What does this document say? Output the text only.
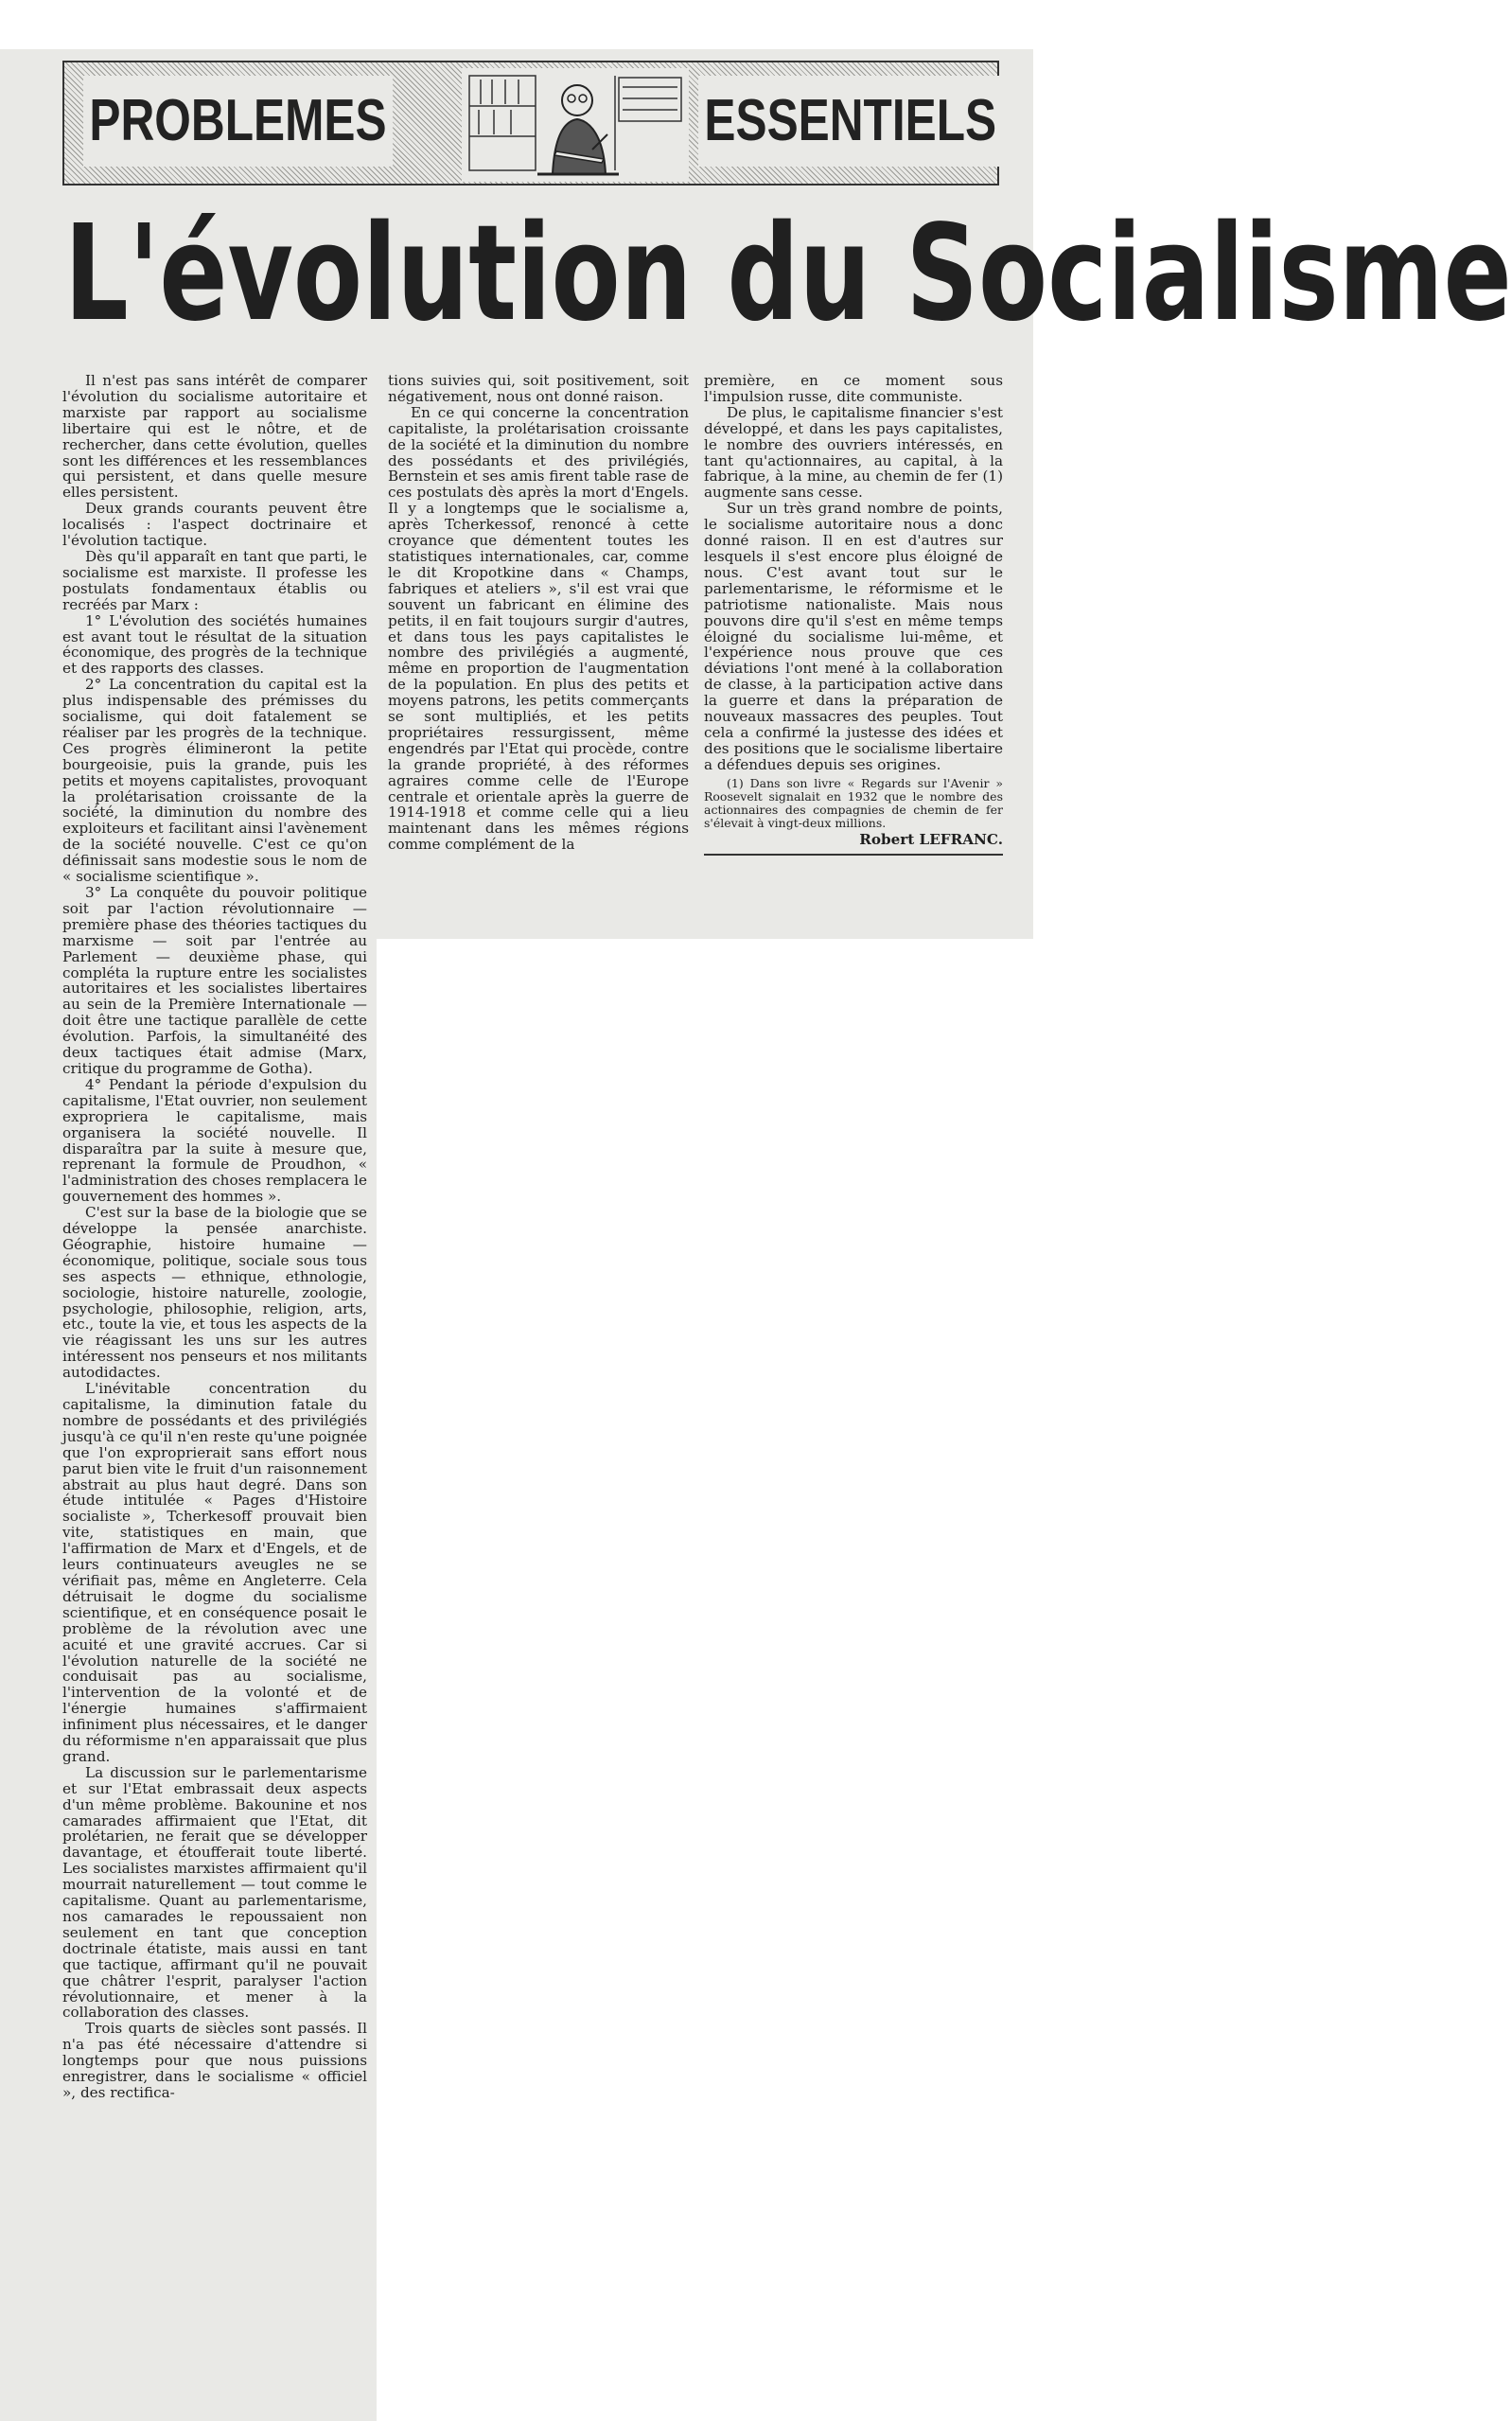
PROBLEMES	ESSENTIELS
L'évolution du Socialisme

Il n'est pas sans intérêt de comparer l'évolution du socialisme autoritaire et marxiste par rapport au socialisme libertaire qui est le nôtre, et de rechercher, dans cette évolution, quelles sont les différences et les ressemblances qui persistent, et dans quelle mesure elles persistent.

Deux grands courants peuvent être localisés : l'aspect doctrinaire et l'évolution tactique.

Dès qu'il apparaît en tant que parti, le socialisme est marxiste. Il professe les postulats fondamentaux établis ou recréés par Marx :

1° L'évolution des sociétés humaines est avant tout le résultat de la situation économique, des progrès de la technique et des rapports des classes.

2° La concentration du capital est la plus indispensable des prémisses du socialisme, qui doit fatalement se réaliser par les progrès de la technique. Ces progrès élimineront la petite bourgeoisie, puis la grande, puis les petits et moyens capitalistes, provoquant la prolétarisation croissante de la société, la diminution du nombre des exploiteurs et facilitant ainsi l'avènement de la société nouvelle. C'est ce qu'on définissait sans modestie sous le nom de « socialisme scientifique ».

3° La conquête du pouvoir politique soit par l'action révolutionnaire — première phase des théories tactiques du marxisme — soit par l'entrée au Parlement — deuxième phase, qui compléta la rupture entre les socialistes autoritaires et les socialistes libertaires au sein de la Première Internationale — doit être une tactique parallèle de cette évolution. Parfois, la simultanéité des deux tactiques était admise (Marx, critique du programme de Gotha).

4° Pendant la période d'expulsion du capitalisme, l'Etat ouvrier, non seulement expropriera le capitalisme, mais organisera la société nouvelle. Il disparaîtra par la suite à mesure que, reprenant la formule de Proudhon, « l'administration des choses remplacera le gouvernement des hommes ».

C'est sur la base de la biologie que se développe la pensée anarchiste. Géographie, histoire humaine — économique, politique, sociale sous tous ses aspects — ethnique, ethnologie, sociologie, histoire naturelle, zoologie, psychologie, philosophie, religion, arts, etc., toute la vie, et tous les aspects de la vie réagissant les uns sur les autres intéressent nos penseurs et nos militants autodidactes.

L'inévitable concentration du capitalisme, la diminution fatale du nombre de possédants et des privilégiés jusqu'à ce qu'il n'en reste qu'une poignée que l'on exproprierait sans effort nous parut bien vite le fruit d'un raisonnement abstrait au plus haut degré. Dans son étude intitulée « Pages d'Histoire socialiste », Tcherkesoff prouvait bien vite, statistiques en main, que l'affirmation de Marx et d'Engels, et de leurs continuateurs aveugles ne se vérifiait pas, même en Angleterre. Cela détruisait le dogme du socialisme scientifique, et en conséquence posait le problème de la révolution avec une acuité et une gravité accrues. Car si l'évolution naturelle de la société ne conduisait pas au socialisme, l'intervention de la volonté et de l'énergie humaines s'affirmaient infiniment plus nécessaires, et le danger du réformisme n'en apparaissait que plus grand.

La discussion sur le parlementarisme et sur l'Etat embrassait deux aspects d'un même problème. Bakounine et nos camarades affirmaient que l'Etat, dit prolétarien, ne ferait que se développer davantage, et étoufferait toute liberté. Les socialistes marxistes affirmaient qu'il mourrait naturellement — tout comme le capitalisme. Quant au parlementarisme, nos camarades le repoussaient non seulement en tant que conception doctrinale étatiste, mais aussi en tant que tactique, affirmant qu'il ne pouvait que châtrer l'esprit, paralyser l'action révolutionnaire, et mener à la collaboration des classes.

Trois quarts de siècles sont passés. Il n'a pas été nécessaire d'attendre si longtemps pour que nous puissions enregistrer, dans le socialisme « officiel », des rectifica-

tions suivies qui, soit positivement, soit négativement, nous ont donné raison.

En ce qui concerne la concentration capitaliste, la prolétarisation croissante de la société et la diminution du nombre des possédants et des privilégiés, Bernstein et ses amis firent table rase de ces postulats dès après la mort d'Engels. Il y a longtemps que le socialisme a, après Tcherkessof, renoncé à cette croyance que démentent toutes les statistiques internationales, car, comme le dit Kropotkine dans « Champs, fabriques et ateliers », s'il est vrai que souvent un fabricant en élimine des petits, il en fait toujours surgir d'autres, et dans tous les pays capitalistes le nombre des privilégiés a augmenté, même en proportion de l'augmentation de la population. En plus des petits et moyens patrons, les petits commerçants se sont multipliés, et les petits propriétaires ressurgissent, même engendrés par l'Etat qui procède, contre la grande propriété, à des réformes agraires comme celle de l'Europe centrale et orientale après la guerre de 1914-1918 et comme celle qui a lieu maintenant dans les mêmes régions comme complément de la

première, en ce moment sous l'impulsion russe, dite communiste.

De plus, le capitalisme financier s'est développé, et dans les pays capitalistes, le nombre des ouvriers intéressés, en tant qu'actionnaires, au capital, à la fabrique, à la mine, au chemin de fer (1) augmente sans cesse.

Sur un très grand nombre de points, le socialisme autoritaire nous a donc donné raison. Il en est d'autres sur lesquels il s'est encore plus éloigné de nous. C'est avant tout sur le parlementarisme, le réformisme et le patriotisme nationaliste. Mais nous pouvons dire qu'il s'est en même temps éloigné du socialisme lui-même, et l'expérience nous prouve que ces déviations l'ont mené à la collaboration de classe, à la participation active dans la guerre et dans la préparation de nouveaux massacres des peuples. Tout cela a confirmé la justesse des idées et des positions que le socialisme libertaire a défendues depuis ses origines.

(1) Dans son livre « Regards sur l'Avenir » Roosevelt signalait en 1932 que le nombre des actionnaires des compagnies de chemin de fer s'élevait à vingt-deux millions.

Robert LEFRANC.
